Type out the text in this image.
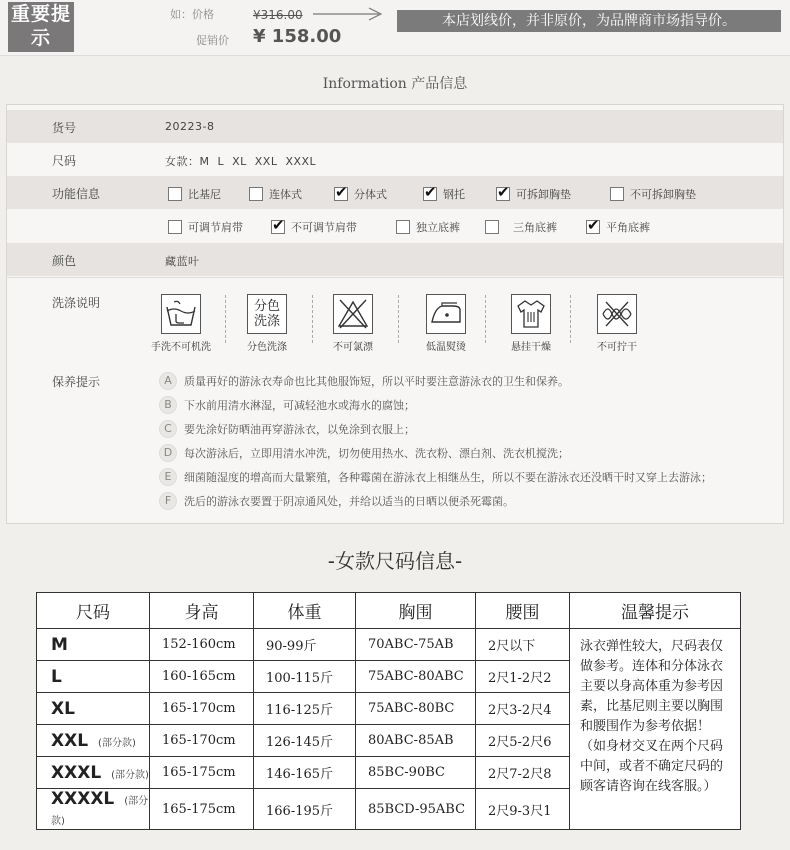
重要提示
如：价格	¥316.00
促销价 ¥ 158.00
本店划线价，并非原价，为品牌商市场指导价。
Information 产品信息
货号	20223-8
尺码	女款：M  L  XL  XXL  XXXL
功能信息	比基尼	连体式 ✔	分体式 ✔	钢托 ✔	可拆卸胸垫	不可拆卸胸垫
可调节肩带 ✔	不可调节肩带	独立底裤	三角底裤 ✔	平角底裤
颜色	藏蓝叶
洗涤说明
手洗不可机洗
分色洗涤
分色洗涤	不可氯漂	低温熨烫	悬挂干燥	不可拧干
保养提示	A	质量再好的游泳衣寿命也比其他服饰短，所以平时要注意游泳衣的卫生和保养。
B	下水前用清水淋湿，可减轻池水或海水的腐蚀；
C	要先涂好防晒油再穿游泳衣，以免涂到衣服上；
D	每次游泳后，立即用清水冲洗，切勿使用热水、洗衣粉、漂白剂、洗衣机搅洗；
E	细菌随湿度的增高而大量繁殖，各种霉菌在游泳衣上相继丛生，所以不要在游泳衣还没晒干时又穿上去游泳；
F	洗后的游泳衣要置于阴凉通风处，并给以适当的日晒以便杀死霉菌。
-女款尺码信息-
尺码	身高	体重	胸围	腰围	温馨提示
M	152-160cm	90-99斤	70ABC-75AB	2尺以下	泳衣弹性较大，尺码表仅做参考。连体和分体泳衣主要以身高体重为参考因素，比基尼则主要以胸围和腰围作为参考依据！（如身材交叉在两个尺码中间，或者不确定尺码的顾客请咨询在线客服。）
L	160-165cm	100-115斤	75ABC-80ABC	2尺1-2尺2	
XL	165-170cm	116-125斤	75ABC-80BC	2尺3-2尺4	
XXL (部分款)	165-170cm	126-145斤	80ABC-85AB	2尺5-2尺6	
XXXL (部分款)	165-175cm	146-165斤	85BC-90BC	2尺7-2尺8	
XXXXL (部分款)	165-175cm	166-195斤	85BCD-95ABC	2尺9-3尺1	
